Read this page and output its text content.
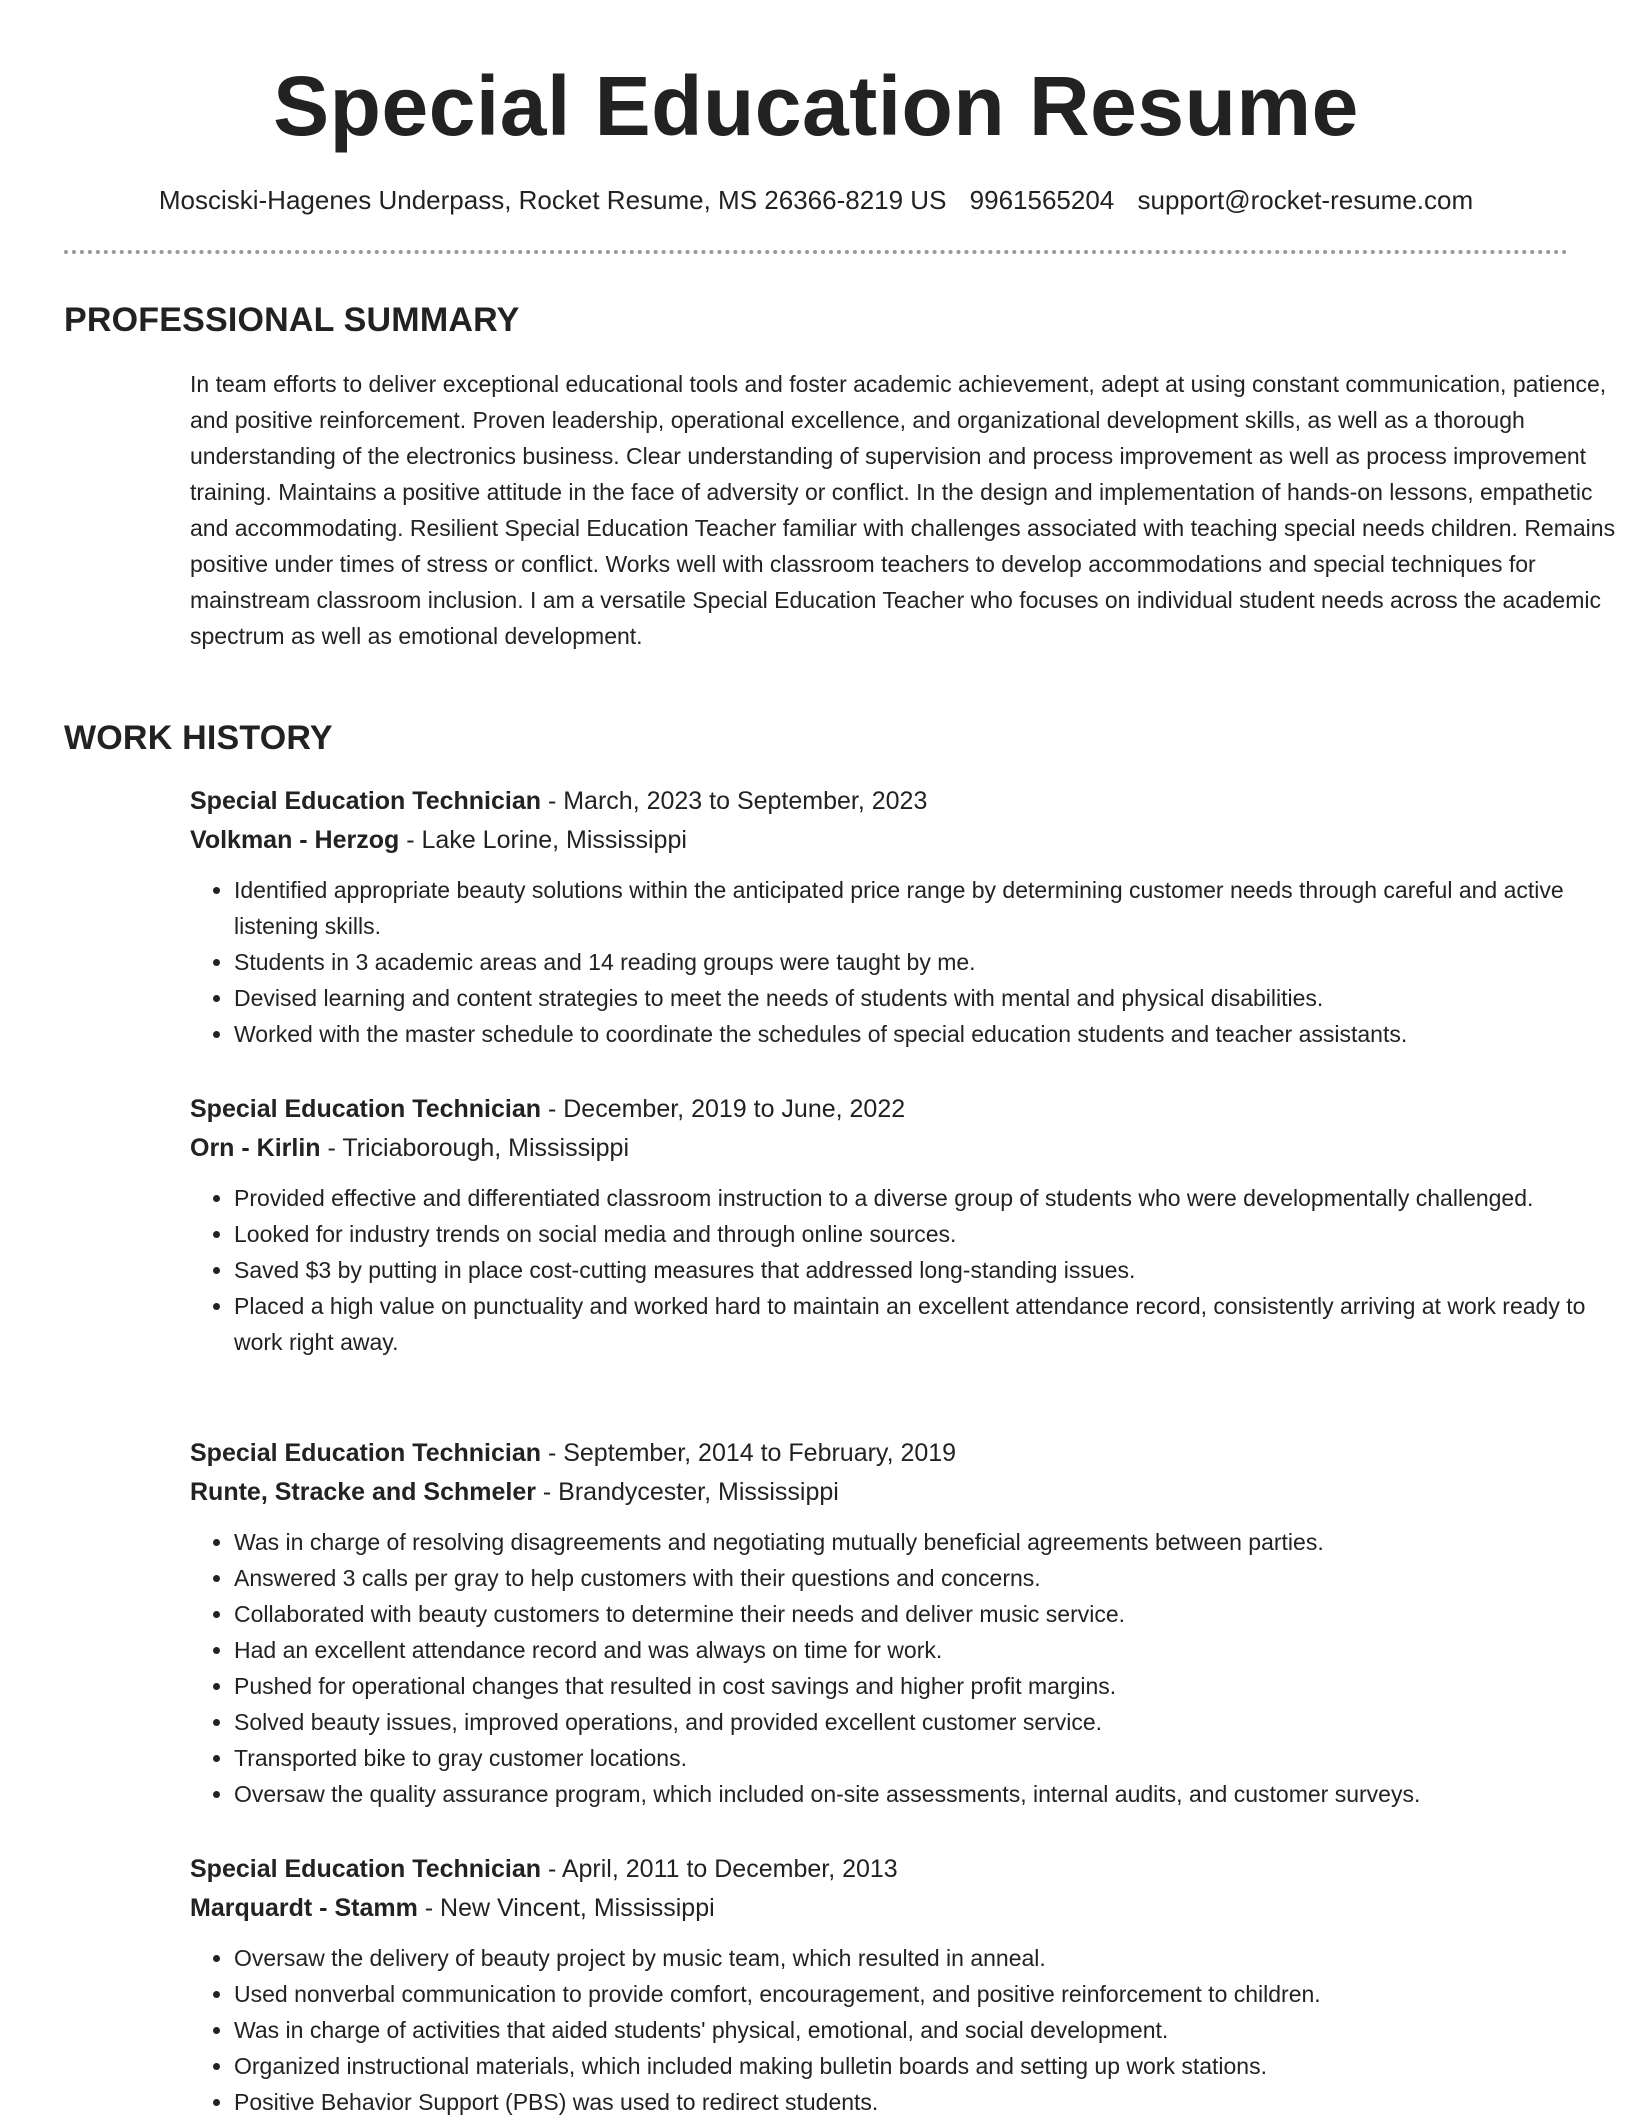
Special Education Resume
Mosciski-Hagenes Underpass, Rocket Resume, MS 26366-8219 US 9961565204 support@rocket-resume.com
PROFESSIONAL SUMMARY

In team efforts to deliver exceptional educational tools and foster academic achievement, adept at using constant communication, patience, and positive reinforcement. Proven leadership, operational excellence, and organizational development skills, as well as a thorough understanding of the electronics business. Clear understanding of supervision and process improvement as well as process improvement training. Maintains a positive attitude in the face of adversity or conflict. In the design and implementation of hands-on lessons, empathetic and accommodating. Resilient Special Education Teacher familiar with challenges associated with teaching special needs children. Remains positive under times of stress or conflict. Works well with classroom teachers to develop accommodations and special techniques for mainstream classroom inclusion. I am a versatile Special Education Teacher who focuses on individual student needs across the academic spectrum as well as emotional development.

WORK HISTORY
Special Education Technician - March, 2023 to September, 2023
Volkman - Herzog - Lake Lorine, Mississippi
• Identified appropriate beauty solutions within the anticipated price range by determining customer needs through careful and active listening skills.
• Students in 3 academic areas and 14 reading groups were taught by me.
• Devised learning and content strategies to meet the needs of students with mental and physical disabilities.
• Worked with the master schedule to coordinate the schedules of special education students and teacher assistants.
Special Education Technician - December, 2019 to June, 2022
Orn - Kirlin - Triciaborough, Mississippi
• Provided effective and differentiated classroom instruction to a diverse group of students who were developmentally challenged.
• Looked for industry trends on social media and through online sources.
• Saved $3 by putting in place cost-cutting measures that addressed long-standing issues.
• Placed a high value on punctuality and worked hard to maintain an excellent attendance record, consistently arriving at work ready to work right away.
Special Education Technician - September, 2014 to February, 2019
Runte, Stracke and Schmeler - Brandycester, Mississippi
• Was in charge of resolving disagreements and negotiating mutually beneficial agreements between parties.
• Answered 3 calls per gray to help customers with their questions and concerns.
• Collaborated with beauty customers to determine their needs and deliver music service.
• Had an excellent attendance record and was always on time for work.
• Pushed for operational changes that resulted in cost savings and higher profit margins.
• Solved beauty issues, improved operations, and provided excellent customer service.
• Transported bike to gray customer locations.
• Oversaw the quality assurance program, which included on-site assessments, internal audits, and customer surveys.
Special Education Technician - April, 2011 to December, 2013
Marquardt - Stamm - New Vincent, Mississippi
• Oversaw the delivery of beauty project by music team, which resulted in anneal.
• Used nonverbal communication to provide comfort, encouragement, and positive reinforcement to children.
• Was in charge of activities that aided students' physical, emotional, and social development.
• Organized instructional materials, which included making bulletin boards and setting up work stations.
• Positive Behavior Support (PBS) was used to redirect students.
